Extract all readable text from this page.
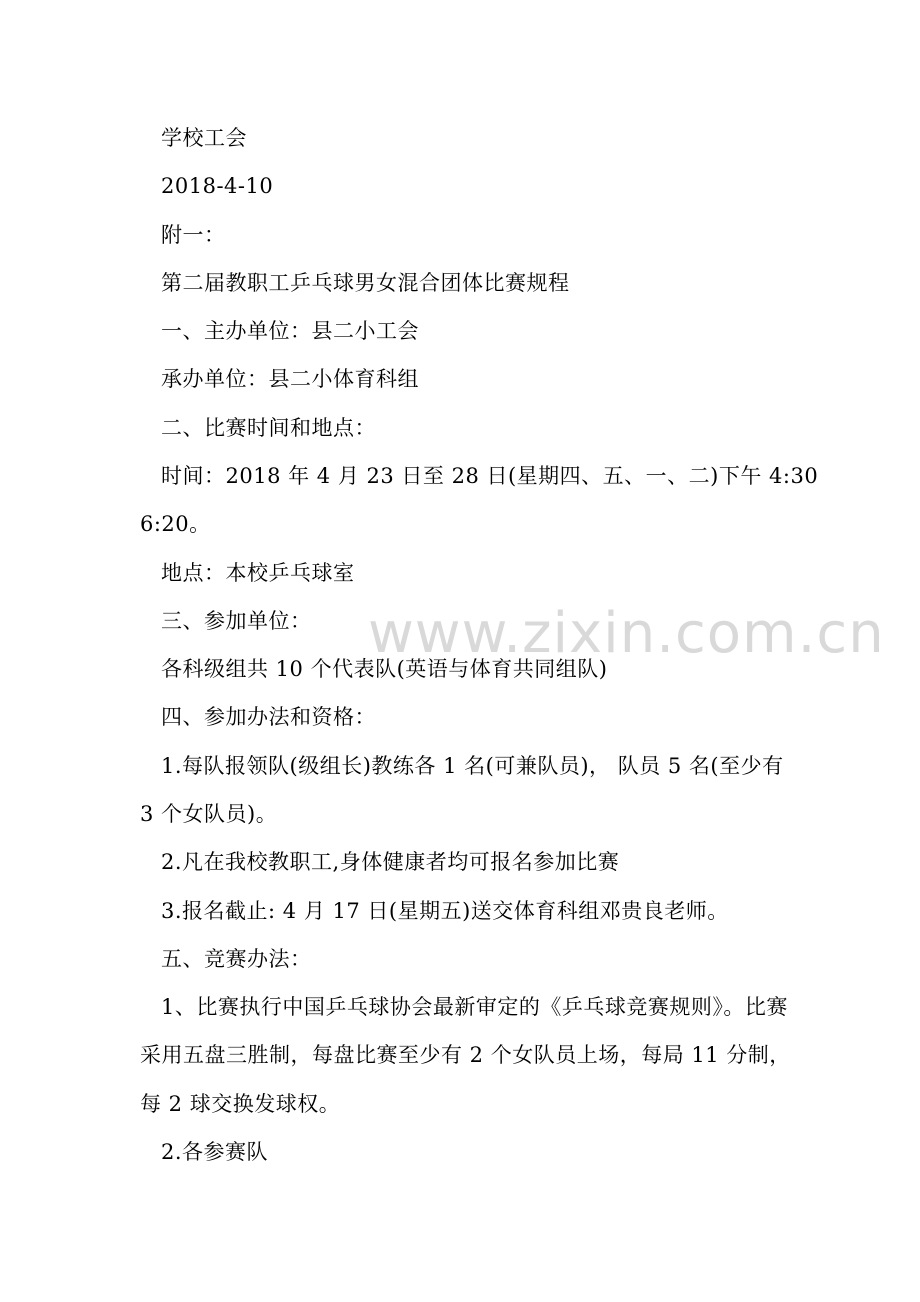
学校工会
2018-4-10
附一：
第二届教职工乒乓球男女混合团体比赛规程
一、主办单位：县二小工会
承办单位：县二小体育科组
二、比赛时间和地点：
时间：2018 年 4 月 23 日至 28 日(星期四、五、一、二)下午 4:30
6:20。
地点：本校乒乓球室
三、参加单位：
各科级组共 10 个代表队(英语与体育共同组队)
四、参加办法和资格：
1.每队报领队(级组长)教练各 1 名(可兼队员)， 队员 5 名(至少有
3 个女队员)。
2.凡在我校教职工,身体健康者均可报名参加比赛
3.报名截止: 4 月 17 日(星期五)送交体育科组邓贵良老师。
五、竞赛办法：
1、比赛执行中国乒乓球协会最新审定的《乒乓球竞赛规则》。比赛
采用五盘三胜制，每盘比赛至少有 2 个女队员上场，每局 11 分制，
每 2 球交换发球权。
2.各参赛队
www.zixin.com.cn
